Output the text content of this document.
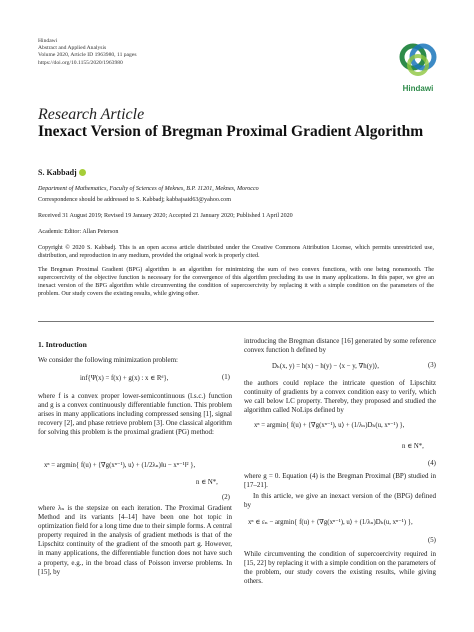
Hindawi
Abstract and Applied Analysis
Volume 2020, Article ID 1963980, 11 pages
https://doi.org/10.1155/2020/1963980
Hindawi
Research Article
Inexact Version of Bregman Proximal Gradient Algorithm
S. Kabbadj
Department of Mathematics, Faculty of Sciences of Meknes, B.P. 11201, Meknes, Morocco
Correspondence should be addressed to S. Kabbadj; kabbajsaid63@yahoo.com
Received 31 August 2019; Revised 19 January 2020; Accepted 21 January 2020; Published 1 April 2020
Academic Editor: Allan Peterson
Copyright © 2020 S. Kabbadj. This is an open access article distributed under the Creative Commons Attribution License, which permits unrestricted use, distribution, and reproduction in any medium, provided the original work is properly cited.
The Bregman Proximal Gradient (BPG) algorithm is an algorithm for minimizing the sum of two convex functions, with one being nonsmooth. The supercoercivity of the objective function is necessary for the convergence of this algorithm precluding its use in many applications. In this paper, we give an inexact version of the BPG algorithm while circumventing the condition of supercoercivity by replacing it with a simple condition on the parameters of the problem. Our study covers the existing results, while giving other.

1. Introduction

We consider the following minimization problem:

inf{Ψ(x) = f(x) + g(x) : x ∈ Rᵈ},	(1)

where f is a convex proper lower-semicontinuous (l.s.c.) function and g is a convex continuously differentiable function. This problem arises in many applications including compressed sensing [1], signal recovery [2], and phase retrieve problem [3]. One classical algorithm for solving this problem is the proximal gradient (PG) method:

xⁿ = argmin{ f(u) + ⟨∇g(xⁿ⁻¹), u⟩ + (1/2λₙ)‖u − xⁿ⁻¹‖² },
n ∈ N*,
(2)

where λₙ is the stepsize on each iteration. The Proximal Gradient Method and its variants [4–14] have been one hot topic in optimization field for a long time due to their simple forms. A central property required in the analysis of gradient methods is that of the Lipschitz continuity of the gradient of the smooth part g. However, in many applications, the differentiable function does not have such a property, e.g., in the broad class of Poisson inverse problems. In [15], by

introducing the Bregman distance [16] generated by some reference convex function h defined by

Dₕ(x, y) = h(x) − h(y) − ⟨x − y, ∇h(y)⟩,	(3)

the authors could replace the intricate question of Lipschitz continuity of gradients by a convex condition easy to verify, which we call below LC property. Thereby, they proposed and studied the algorithm called NoLips defined by

xⁿ = argmin{ f(u) + ⟨∇g(xⁿ⁻¹), u⟩ + (1/λₙ)Dₕ(u, xⁿ⁻¹) },
n ∈ N*,
(4)

where g = 0. Equation (4) is the Bregman Proximal (BP) studied in [17–21].

In this article, we give an inexact version of the (BPG) defined by

xⁿ ∈ εₙ − argmin{ f(u) + ⟨∇g(xⁿ⁻¹), u⟩ + (1/λₙ)Dₕ(u, xⁿ⁻¹) },
(5)

While circumventing the condition of supercoercivity required in [15, 22] by replacing it with a simple condition on the parameters of the problem, our study covers the existing results, while giving others.
